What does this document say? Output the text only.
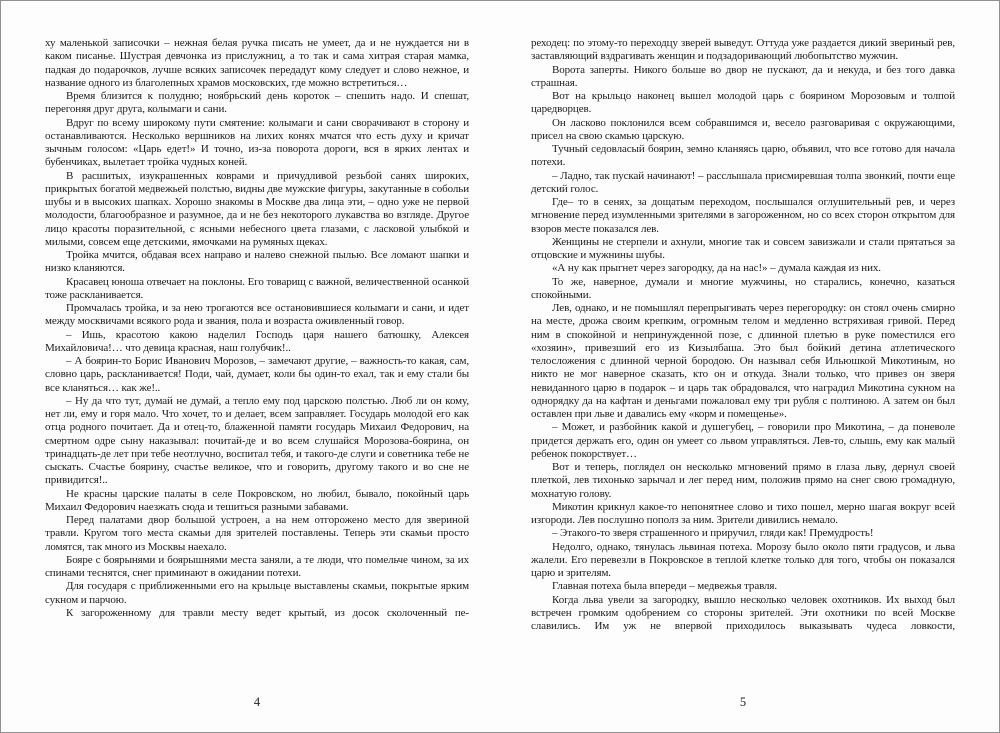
ху маленькой записочки – нежная белая ручка писать не умеет, да и не нуждается ни в каком писанье. Шустрая девчонка из прислужниц, а то так и сама хитрая старая мамка, падкая до подарочков, лучше всяких записочек передадут кому следует и слово нежное, и название одного из благолепных храмов московских, где можно встретиться…

Время близится к полудню; ноябрьский день короток – спешить надо. И спешат, перегоняя друг друга, колымаги и сани.

Вдруг по всему широкому пути смятение: колымаги и сани сворачивают в сторону и останавливаются. Несколько вершников на лихих конях мчатся что есть духу и кричат зычным голосом: «Царь едет!» И точно, из-за поворота дороги, вся в ярких лентах и бубенчиках, вылетает тройка чудных коней.

В расшитых, изукрашенных коврами и причудливой резьбой санях широких, прикрытых богатой медвежьей полстью, видны две мужские фигуры, закутанные в собольи шубы и в высоких шапках. Хорошо знакомы в Москве два лица эти, – одно уже не первой молодости, благообразное и разумное, да и не без некоторого лукавства во взгляде. Другое лицо красоты поразительной, с ясными небесного цвета глазами, с ласковой улыбкой и милыми, совсем еще детскими, ямочками на румяных щеках.

Тройка мчится, обдавая всех направо и налево снежной пылью. Все ломают шапки и низко кланяются.

Красавец юноша отвечает на поклоны. Его товарищ с важной, величественной осанкой тоже раскланивается.

Промчалась тройка, и за нею трогаются все остановившиеся колымаги и сани, и идет между москвичами всякого рода и звания, пола и возраста оживленный говор.

– Ишь, красотою какою наделил Господь царя нашего батюшку, Алексея Михайловича!… что девица красная, наш голубчик!..

– А боярин-то Борис Иванович Морозов, – замечают другие, – важность-то какая, сам, словно царь, раскланивается! Поди, чай, думает, коли бы один-то ехал, так и ему стали бы все кланяться… как же!..

– Ну да что тут, думай не думай, а тепло ему под царскою полстью. Люб ли он кому, нет ли, ему и горя мало. Что хочет, то и делает, всем заправляет. Государь молодой его как отца родного почитает. Да и отец-то, блаженной памяти государь Михаил Федорович, на смертном одре сыну наказывал: почитай-де и во всем слушайся Морозова-боярина, он тринадцать-де лет при тебе неотлучно, воспитал тебя, и такого-де слуги и советника тебе не сыскать. Счастье боярину, счастье великое, что и говорить, другому такого и во сне не привидится!..

Не красны царские палаты в селе Покровском, но любил, бывало, покойный царь Михаил Федорович наезжать сюда и тешиться разными забавами.

Перед палатами двор большой устроен, а на нем отгорожено место для звериной травли. Кругом того места скамьи для зрителей поставлены. Теперь эти скамьи просто ломятся, так много из Москвы наехало.

Бояре с боярынями и боярышнями места заняли, а те люди, что помельче чином, за их спинами теснятся, снег приминают в ожидании потехи.

Для государя с приближенными его на крыльце выставлены скамьи, покрытые ярким сукном и парчою.

К загороженному для травли месту ведет крытый, из досок сколоченный пе-

4

реходец: по этому-то переходцу зверей выведут. Оттуда уже раздается дикий звериный рев, заставляющий вздрагивать женщин и подзадоривающий любопытство мужчин.

Ворота заперты. Никого больше во двор не пускают, да и некуда, и без того давка страшная.

Вот на крыльцо наконец вышел молодой царь с боярином Морозовым и толпой царедворцев.

Он ласково поклонился всем собравшимся и, весело разговаривая с окружающими, присел на свою скамью царскую.

Тучный седовласый боярин, земно кланяясь царю, объявил, что все готово для начала потехи.

– Ладно, так пускай начинают! – расслышала присмиревшая толпа звонкий, почти еще детский голос.

Где– то в сенях, за дощатым переходом, послышался оглушительный рев, и через мгновение перед изумленными зрителями в загороженном, но со всех сторон открытом для взоров месте показался лев.

Женщины не стерпели и ахнули, многие так и совсем завизжали и стали прятаться за отцовские и мужнины шубы.

«А ну как прыгнет через загородку, да на нас!» – думала каждая из них.

То же, наверное, думали и многие мужчины, но старались, конечно, казаться спокойными.

Лев, однако, и не помышлял перепрыгивать через перегородку: он стоял очень смирно на месте, дрожа своим крепким, огромным телом и медленно встряхивая гривой. Перед ним в спокойной и непринужденной позе, с длинной плетью в руке поместился его «хозяин», привезший его из Кизылбаша. Это был бойкий детина атлетического телосложения с длинной черной бородою. Он называл себя Ильюшкой Микотиным, но никто не мог наверное сказать, кто он и откуда. Знали только, что привез он зверя невиданного царю в подарок – и царь так обрадовался, что наградил Микотина сукном на однорядку да на кафтан и деньгами пожаловал ему три рубля с полтиною. А затем он был оставлен при льве и давались ему «корм и помещенье».

– Может, и разбойник какой и душегубец, – говорили про Микотина, – да поневоле придется держать его, один он умеет со львом управляться. Лев-то, слышь, ему как малый ребенок покорствует…

Вот и теперь, поглядел он несколько мгновений прямо в глаза льву, дернул своей плеткой, лев тихонько зарычал и лег перед ним, положив прямо на снег свою громадную, мохнатую голову.

Микотин крикнул какое-то непонятнее слово и тихо пошел, мерно шагая вокруг всей изгороди. Лев послушно пополз за ним. Зрители дивились немало.

– Этакого-то зверя страшенного и приручил, гляди как! Премудрость!

Недолго, однако, тянулась львиная потеха. Морозу было около пяти градусов, и льва жалели. Его перевезли в Покровское в теплой клетке только для того, чтобы он показался царю и зрителям.

Главная потеха была впереди – медвежья травля.

Когда льва увели за загородку, вышло несколько человек охотников. Их выход был встречен громким одобрением со стороны зрителей. Эти охотники по всей Москве славились. Им уж не впервой приходилось выказывать чудеса ловкости,

5
